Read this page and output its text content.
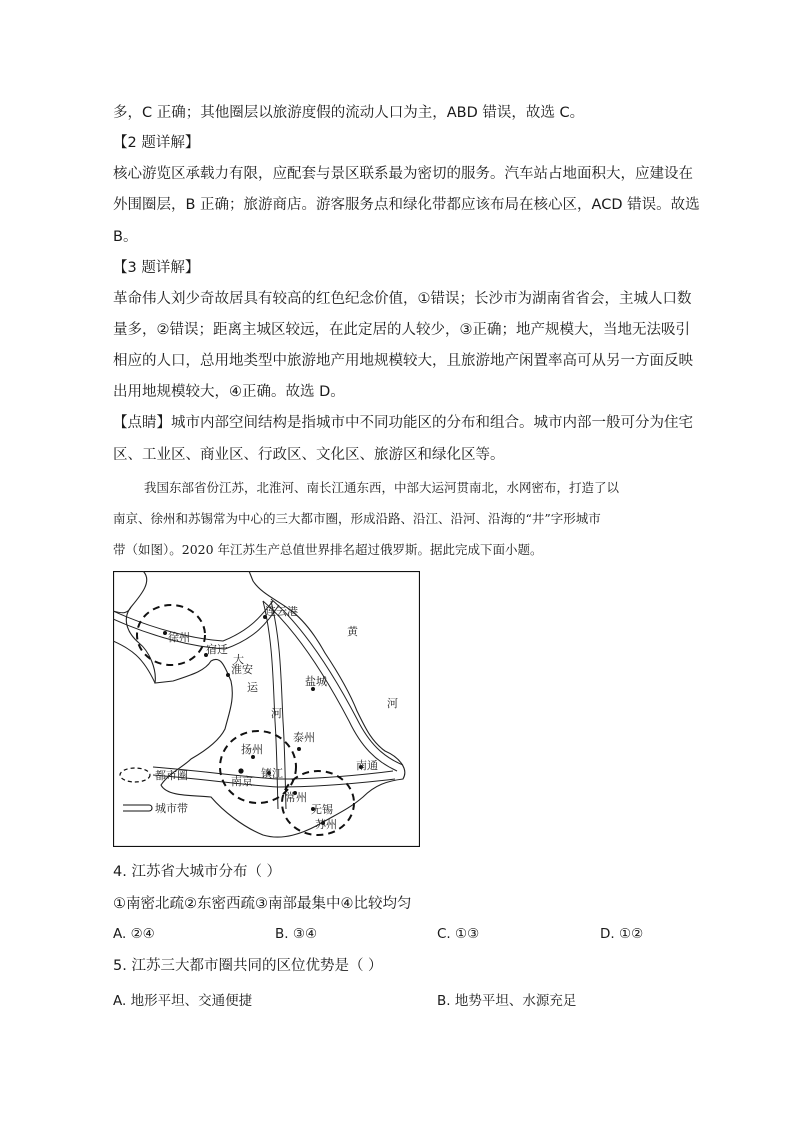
多，C 正确；其他圈层以旅游度假的流动人口为主，ABD 错误，故选 C。
【2 题详解】
核心游览区承载力有限，应配套与景区联系最为密切的服务。汽车站占地面积大，应建设在
外围圈层，B 正确；旅游商店。游客服务点和绿化带都应该布局在核心区，ACD 错误。故选
B。
【3 题详解】
革命伟人刘少奇故居具有较高的红色纪念价值，①错误；长沙市为湖南省省会，主城人口数
量多，②错误；距离主城区较远，在此定居的人较少，③正确；地产规模大，当地无法吸引
相应的人口，总用地类型中旅游地产用地规模较大，且旅游地产闲置率高可从另一方面反映
出用地规模较大，④正确。故选 D。
【点睛】城市内部空间结构是指城市中不同功能区的分布和组合。城市内部一般可分为住宅
区、工业区、商业区、行政区、文化区、旅游区和绿化区等。
我国东部省份江苏，北淮河、南长江通东西，中部大运河贯南北，水网密布，打造了以
南京、徐州和苏锡常为中心的三大都市圈，形成沿路、沿江、沿河、沿海的“井”字形城市
带（如图）。2020 年江苏生产总值世界排名超过俄罗斯。据此完成下面小题。
连云港
徐州
宿迁
淮安
盐城
扬州
泰州
南京
镇江
南通
常州
无锡
苏州
黄
河
大
运
河
都市圈
城市带
4. 江苏省大城市分布（ ）
①南密北疏②东密西疏③南部最集中④比较均匀
A. ②④	B. ③④	C. ①③	D. ①②
5. 江苏三大都市圈共同的区位优势是（ ）
A. 地形平坦、交通便捷	B. 地势平坦、水源充足
